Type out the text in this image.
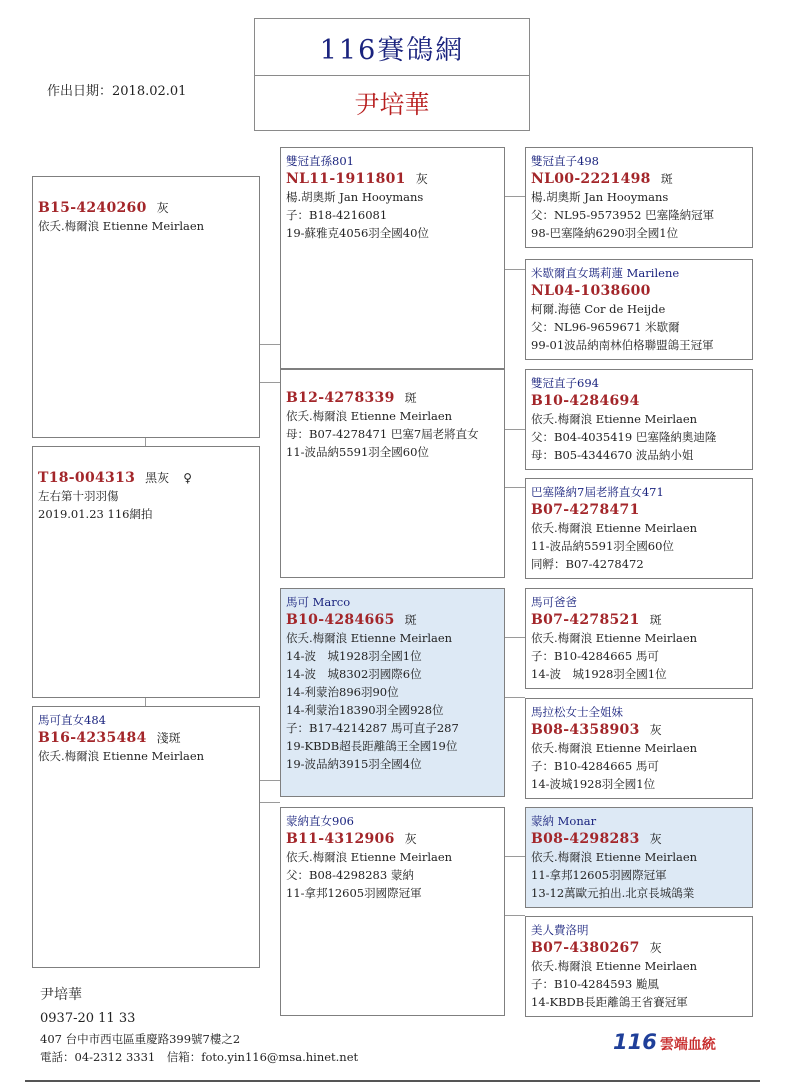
116賽鴿網
尹培華
作出日期：2018.02.01
B15-4240260 灰
依夭.梅爾浪 Etienne Meirlaen
T18-004313 黑灰 ♀
左右第十羽羽傷
2019.01.23 116網拍
馬可直女484
B16-4235484 淺斑
依夭.梅爾浪 Etienne Meirlaen
雙冠直孫801
NL11-1911801 灰
楊.胡奧斯 Jan Hooymans
子：B18-4216081
19-蘇雅克4056羽全國40位
B12-4278339 斑
依夭.梅爾浪 Etienne Meirlaen
母：B07-4278471 巴塞7屆老將直女
11-波品納5591羽全國60位
馬可 Marco
B10-4284665 斑
依夭.梅爾浪 Etienne Meirlaen
14-波　城1928羽全國1位
14-波　城8302羽國際6位
14-利蒙治896羽90位
14-利蒙治18390羽全國928位
子：B17-4214287 馬可直子287
19-KBDB超長距離鴿王全國19位
19-波品納3915羽全國4位
蒙納直女906
B11-4312906 灰
依夭.梅爾浪 Etienne Meirlaen
父：B08-4298283 蒙納
11-拿邦12605羽國際冠軍
雙冠直子498
NL00-2221498 斑
楊.胡奧斯 Jan Hooymans
父：NL95-9573952 巴塞隆納冠軍
98-巴塞隆納6290羽全國1位
米歇爾直女瑪莉蓮 Marilene
NL04-1038600
柯爾.海德 Cor de Heijde
父：NL96-9659671 米歇爾
99-01波品納南林伯格聯盟鴿王冠軍
雙冠直子694
B10-4284694
依夭.梅爾浪 Etienne Meirlaen
父：B04-4035419 巴塞隆納奧迪隆
母：B05-4344670 波品納小姐
巴塞隆納7屆老將直女471
B07-4278471
依夭.梅爾浪 Etienne Meirlaen
11-波品納5591羽全國60位
同孵：B07-4278472
馬可爸爸
B07-4278521 斑
依夭.梅爾浪 Etienne Meirlaen
子：B10-4284665 馬可
14-波　城1928羽全國1位
馬拉松女士全姐妹
B08-4358903 灰
依夭.梅爾浪 Etienne Meirlaen
子：B10-4284665 馬可
14-波城1928羽全國1位
蒙納 Monar
B08-4298283 灰
依夭.梅爾浪 Etienne Meirlaen
11-拿邦12605羽國際冠軍
13-12萬歐元拍出.北京長城鴿業
美人費洛明
B07-4380267 灰
依夭.梅爾浪 Etienne Meirlaen
子：B10-4284593 颱風
14-KBDB長距離鴿王省賽冠軍
尹培華
0937-20 11 33
407 台中市西屯區重慶路399號7樓之2
電話：04-2312 3331　信箱：foto.yin116@msa.hinet.net
116 雲端血統
